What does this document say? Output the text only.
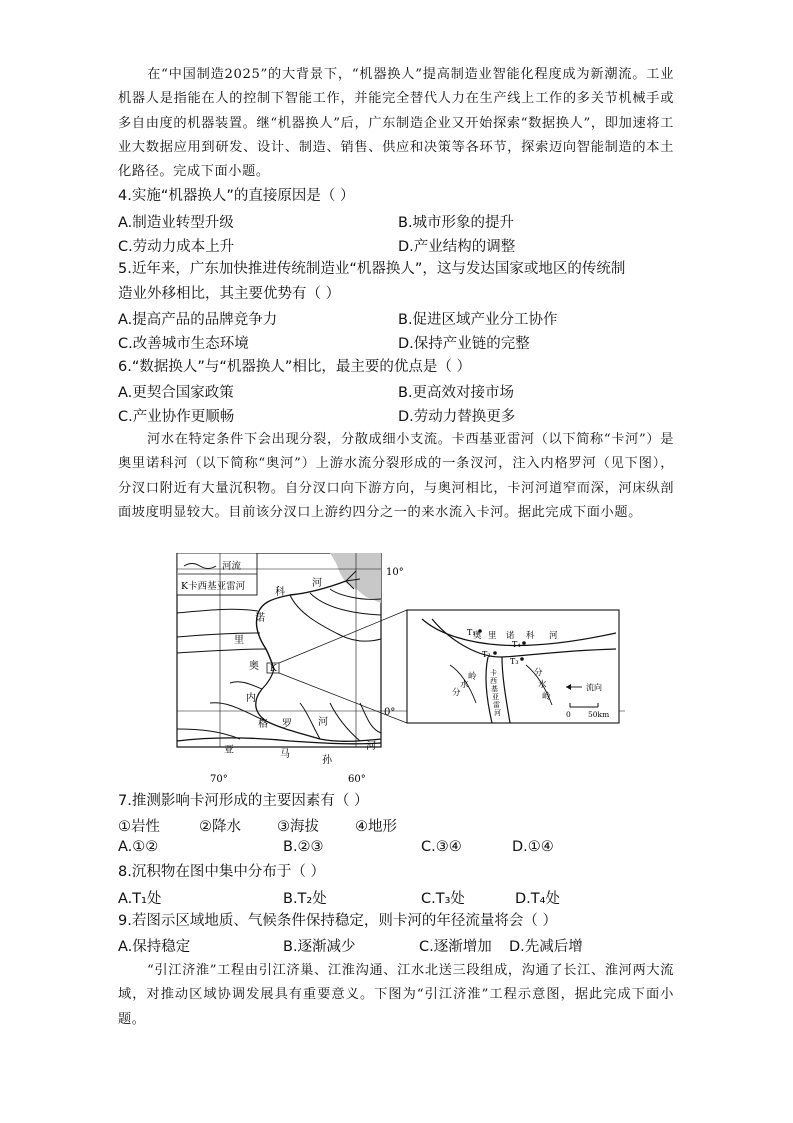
在“中国制造2025”的大背景下，“机器换人”提高制造业智能化程度成为新潮流。工业机器人是指能在人的控制下智能工作，并能完全替代人力在生产线上工作的多关节机械手或多自由度的机器装置。继“机器换人”后，广东制造企业又开始探索“数据换人”，即加速将工业大数据应用到研发、设计、制造、销售、供应和决策等各环节，探索迈向智能制造的本土化路径。完成下面小题。
4.实施“机器换人”的直接原因是（ ）
A.制造业转型升级	B.城市形象的提升
C.劳动力成本上升	D.产业结构的调整
5.近年来，广东加快推进传统制造业“机器换人”，这与发达国家或地区的传统制
造业外移相比，其主要优势有（ ）
A.提高产品的品牌竞争力	B.促进区域产业分工协作
C.改善城市生态环境	D.保持产业链的完整
6.“数据换人”与“机器换人”相比，最主要的优点是（ ）
A.更契合国家政策	B.更高效对接市场
C.产业协作更顺畅	D.劳动力替换更多
河水在特定条件下会出现分裂，分散成细小支流。卡西基亚雷河（以下简称“卡河”）是奥里诺科河（以下简称“奥河”）上游水流分裂形成的一条汊河，注入内格罗河（见下图），分汊口附近有大量沉积物。自分汊口向下游方向，与奥河相比，卡河河道窄而深，河床纵剖面坡度明显较大。目前该分汊口上游约四分之一的来水流入卡河。据此完成下面小题。
河流
K卡西基亚雷河	河
科
诺
里
奥 K
内
格 罗	河
亚	马
孙
河
10°
0°
70°	60°
T₁
T₄
T₂
T₃
奥 里 诺 科 河
分
水
岭	分
水
岭
卡
西
基
亚
雷
河
流向
0 50km
7.推测影响卡河形成的主要因素有（ ）
①岩性	②降水 ③海拔 ④地形
A.①②	B.②③	C.③④	D.①④
8.沉积物在图中集中分布于（ ）
A.T₁处	B.T₂处	C.T₃处	D.T₄处
9.若图示区域地质、气候条件保持稳定，则卡河的年径流量将会（ ）
A.保持稳定	B.逐渐减少	C.逐渐增加 D.先减后增
“引江济淮”工程由引江济巢、江淮沟通、江水北送三段组成，沟通了长江、淮河两大流域，对推动区域协调发展具有重要意义。下图为“引江济淮”工程示意图，据此完成下面小题。
